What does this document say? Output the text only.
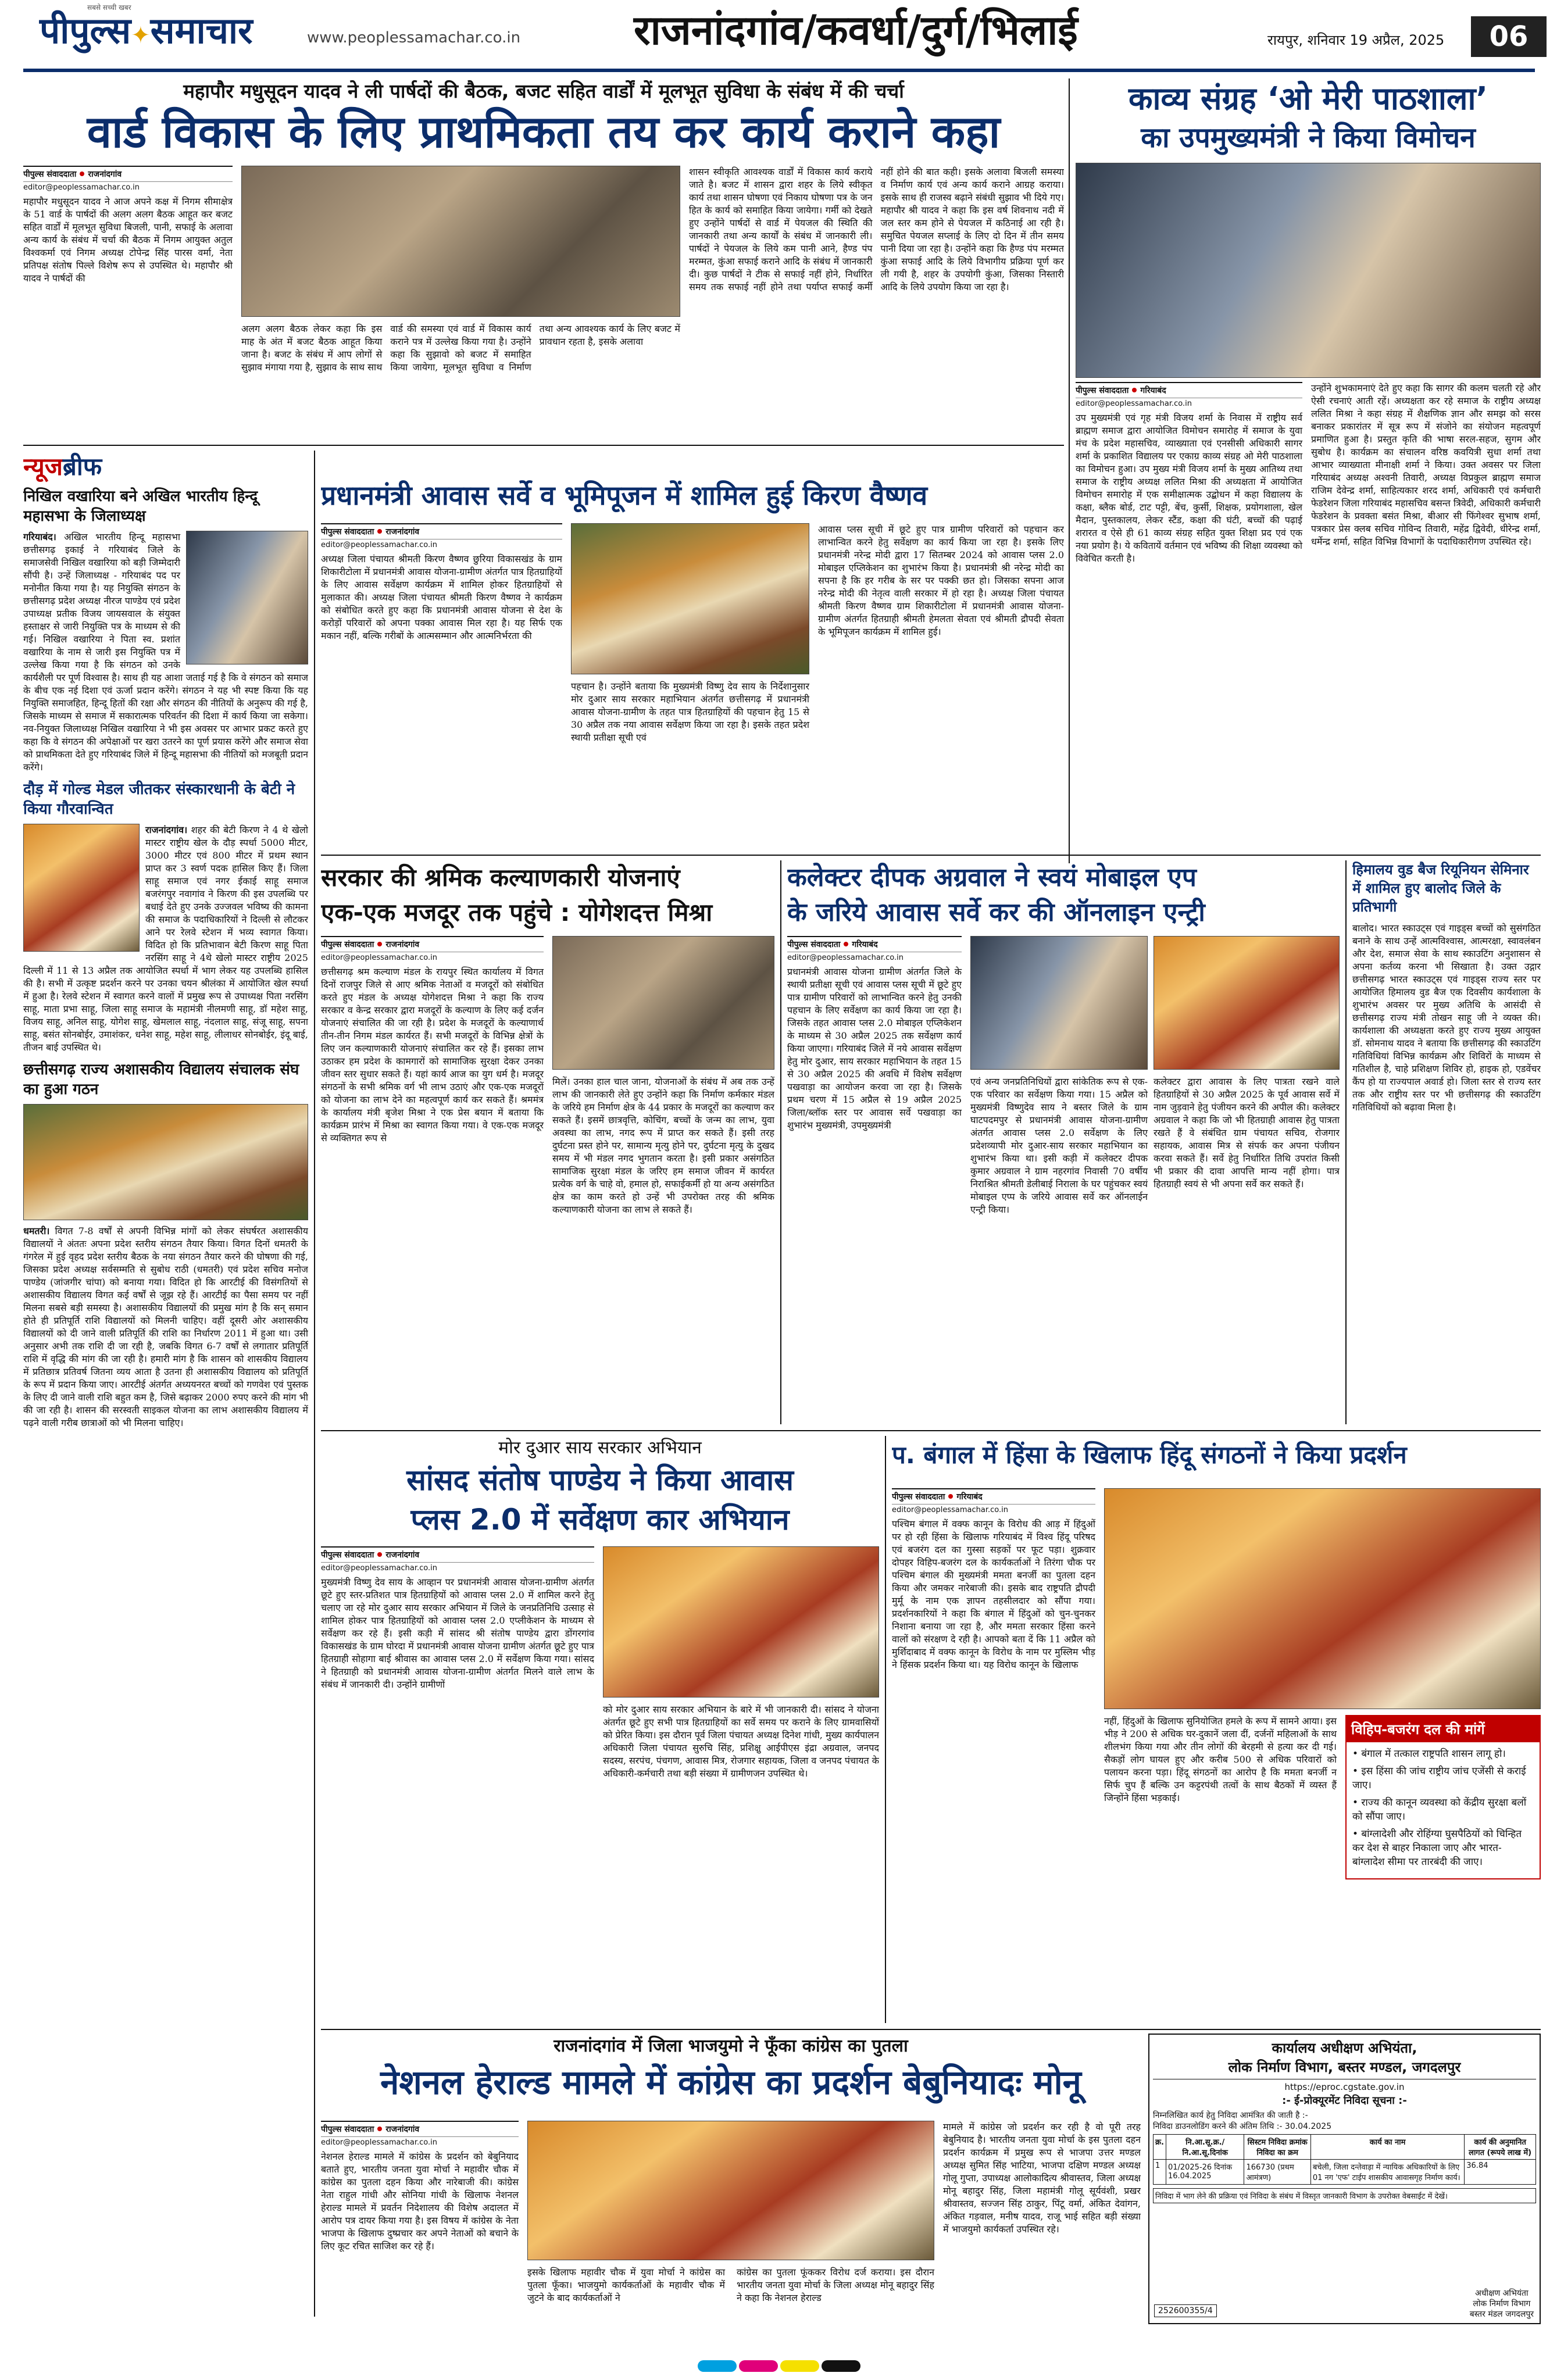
सबसे सच्ची खबर
पीपुल्स✦समाचार	www.peoplessamachar.co.in	राजनांदगांव/कवर्धा/दुर्ग/भिलाई	रायपुर, शनिवार 19 अप्रैल, 2025	06
महापौर मधुसूदन यादव ने ली पार्षदों की बैठक, बजट सहित वार्डों में मूलभूत सुविधा के संबंध में की चर्चा
वार्ड विकास के लिए प्राथमिकता तय कर कार्य कराने कहा
पीपुल्स संवाददाता राजनांदगांव
editor@peoplessamachar.co.in
महापौर मधुसूदन यादव ने आज अपने कक्ष में निगम सीमाक्षेत्र के 51 वार्ड के पार्षदों की अलग अलग बैठक आहूत कर बजट सहित वार्डों में मूलभूत सुविधा बिजली, पानी, सफाई के अलावा अन्य कार्य के संबंध में चर्चा की बैठक में निगम आयुक्त अतुल विश्वकर्मा एवं निगम अध्यक्ष टोपेन्द्र सिंह पारस वर्मा, नेता प्रतिपक्ष संतोष पिल्ले विशेष रूप से उपस्थित थे। महापौर श्री यादव ने पार्षदों की
अलग अलग बैठक लेकर कहा कि इस माह के अंत में बजट बैठक आहूत किया जाना है। बजट के संबंध में आप लोगों से सुझाव मंगाया गया है, सुझाव के साथ साथ वार्ड की समस्या एवं वार्ड में विकास कार्य कराने पत्र में उल्लेख किया गया है। उन्होंने कहा कि सुझावो को बजट में समाहित किया जायेगा, मूलभूत सुविधा व निर्माण तथा अन्य आवश्यक कार्य के लिए बजट में प्रावधान रहता है, इसके अलावा
शासन स्वीकृति आवश्यक वार्डों में विकास कार्य कराये जाते है। बजट में शासन द्वारा शहर के लिये स्वीकृत कार्य तथा शासन घोषणा एवं निकाय घोषणा पत्र के जन हित के कार्य को समाहित किया जायेगा। गर्मी को देखते हुए उन्होंने पार्षदों से वार्ड में पेयजल की स्थिति की जानकारी तथा अन्य कार्यों के संबंध में जानकारी ली। पार्षदों ने पेयजल के लिये कम पानी आने, हैण्ड पंप मरम्मत, कुंआ सफाई कराने आदि के संबंध में जानकारी दी। कुछ पार्षदों ने टीक से सफाई नहीं होने, निर्धारित समय तक सफाई नहीं होने तथा पर्याप्त सफाई कर्मी नहीं होने की बात कही। इसके अलावा बिजली समस्या व निर्माण कार्य एवं अन्य कार्य कराने आग्रह कराया। इसके साथ ही राजस्व बढ़ाने संबंधी सुझाव भी दिये गए। महापौर श्री यादव ने कहा कि इस वर्ष शिवनाथ नदी में जल स्तर कम होने से पेयजल में कठिनाई आ रही है। समुचित पेयजल सप्लाई के लिए दो दिन में तीन समय पानी दिया जा रहा है। उन्होंने कहा कि हैण्ड पंप मरम्मत कुंआ सफाई आदि के लिये विभागीय प्रक्रिया पूर्ण कर ली गयी है, शहर के उपयोगी कुंआ, जिसका निस्तारी आदि के लिये उपयोग किया जा रहा है।
काव्य संग्रह ‘ओ मेरी पाठशाला’
का उपमुख्यमंत्री ने किया विमोचन
पीपुल्स संवाददाता गरियाबंद
editor@peoplessamachar.co.in
उप मुख्यमंत्री एवं गृह मंत्री विजय शर्मा के निवास में राष्ट्रीय सर्व ब्राह्मण समाज द्वारा आयोजित विमोचन समारोह में समाज के युवा मंच के प्रदेश महासचिव, व्याख्याता एवं एनसीसी अधिकारी सागर शर्मा के प्रकाशित विद्यालय पर एकाग्र काव्य संग्रह ओ मेरी पाठशाला का विमोचन हुआ। उप मुख्य मंत्री विजय शर्मा के मुख्य आतिथ्य तथा समाज के राष्ट्रीय अध्यक्ष ललित मिश्रा की अध्यक्षता में आयोजित विमोचन समारोह में एक समीक्षात्मक उद्बोधन में कहा विद्यालय के कक्षा, ब्लैक बोर्ड, टाट पट्टी, बेंच, कुर्सी, शिक्षक, प्रयोगशाला, खेल मैदान, पुस्तकालय, लेकर स्टैंड, कक्षा की घंटी, बच्चों की पढ़ाई शरारत व ऐसे ही 61 काव्य संग्रह सहित युक्त शिक्षा प्रद एवं एक नया प्रयोग है। ये कवितायें वर्तमान एवं भविष्य की शिक्षा व्यवस्था को विवेचित करती है।
उन्होंने शुभकामनाएं देते हुए कहा कि सागर की कलम चलती रहे और ऐसी रचनाएं आती रहें। अध्यक्षता कर रहे समाज के राष्ट्रीय अध्यक्ष ललित मिश्रा ने कहा संग्रह में शैक्षणिक ज्ञान और समझ को सरस बनाकर प्रकारांतर में सूत्र रूप में संजोने का संयोजन महत्वपूर्ण प्रमाणित हुआ है। प्रस्तुत कृति की भाषा सरल-सहज, सुगम और सुबोध है। कार्यक्रम का संचालन वरिष्ठ कवयित्री सुधा शर्मा तथा आभार व्याख्याता मीनाक्षी शर्मा ने किया। उक्त अवसर पर जिला गरियाबंद अध्यक्ष अश्वनी तिवारी, अध्यक्ष विप्रकुल ब्राह्मण समाज राजिम देवेन्द्र शर्मा, साहित्यकार शरद शर्मा, अधिकारी एवं कर्मचारी फेडरेशन जिला गरियाबंद महासचिव बसन्त त्रिवेदी, अधिकारी कर्मचारी फेडरेशन के प्रवक्ता बसंत मिश्रा, बीआर सी फिंगेश्वर सुभाष शर्मा, पत्रकार प्रेस क्लब सचिव गोविन्द तिवारी, महेंद्र द्विवेदी, धीरेन्द्र शर्मा, धर्मेन्द्र शर्मा, सहित विभिन्न विभागों के पदाधिकारीगण उपस्थित रहे।
न्यूजब्रीफ
निखिल वखारिया बने अखिल भारतीय हिन्दू महासभा के जिलाध्यक्ष
गरियाबंद। अखिल भारतीय हिन्दू महासभा छत्तीसगढ़ इकाई ने गरियाबंद जिले के समाजसेवी निखिल वखारिया को बड़ी जिम्मेदारी सौंपी है। उन्हें जिलाध्यक्ष - गरियाबंद पद पर मनोनीत किया गया है। यह नियुक्ति संगठन के छत्तीसगढ़ प्रदेश अध्यक्ष नीरज पाण्डेय एवं प्रदेश उपाध्यक्ष प्रतीक विजय जायसवाल के संयुक्त हस्ताक्षर से जारी नियुक्ति पत्र के माध्यम से की गई। निखिल वखारिया ने पिता स्व. प्रशांत वखारिया के नाम से जारी इस नियुक्ति पत्र में उल्लेख किया गया है कि संगठन को उनके कार्यशैली पर पूर्ण विश्वास है। साथ ही यह आशा जताई गई है कि वे संगठन को समाज के बीच एक नई दिशा एवं ऊर्जा प्रदान करेंगे। संगठन ने यह भी स्पष्ट किया कि यह नियुक्ति समाजहित, हिन्दू हितों की रक्षा और संगठन की नीतियों के अनुरूप की गई है, जिसके माध्यम से समाज में सकारात्मक परिवर्तन की दिशा में कार्य किया जा सकेगा। नव-नियुक्त जिलाध्यक्ष निखिल वखारिया ने भी इस अवसर पर आभार प्रकट करते हुए कहा कि वे संगठन की अपेक्षाओं पर खरा उतरने का पूर्ण प्रयास करेंगे और समाज सेवा को प्राथमिकता देते हुए गरियाबंद जिले में हिन्दू महासभा की नीतियों को मजबूती प्रदान करेंगे।
दौड़ में गोल्ड मेडल जीतकर संस्कारधानी के बेटी ने किया गौरवान्वित
राजनांदगांव। शहर की बेटी किरण ने 4 थे खेलो मास्टर राष्ट्रीय खेल के दौड़ स्पर्धा 5000 मीटर, 3000 मीटर एवं 800 मीटर में प्रथम स्थान प्राप्त कर 3 स्वर्ण पदक हासिल किए हैं। जिला साहू समाज एवं नगर ईकाई साहू समाज बजरंगपुर नवागांव ने किरण की इस उपलब्धि पर बधाई देते हुए उनके उज्जवल भविष्य की कामना की समाज के पदाधिकारियों ने दिल्ली से लौटकर आने पर रेलवे स्टेशन में भव्य स्वागत किया। विदित हो कि प्रतिभावान बेटी किरण साहू पिता नरसिंग साहू ने 4थे खेलो मास्टर राष्ट्रीय 2025 दिल्ली में 11 से 13 अप्रैल तक आयोजित स्पर्धा में भाग लेकर यह उपलब्धि हासिल की है। सभी में उत्कृष्ट प्रदर्शन करने पर उनका चयन श्रीलंका में आयोजित खेल स्पर्धा में हुआ है। रेलवे स्टेशन में स्वागत करने वालों में प्रमुख रूप से उपाध्यक्ष पिता नरसिंग साहू, माता प्रभा साहू, जिला साहू समाज के महामंत्री नीलमणी साहू, डॉ महेश साहू, विजय साहू, अनिल साहू, योगेश साहू, खेमलाल साहू, नंदलाल साहू, संजू साहू, सपना साहू, बसंत सोनबोईर, उमाशंकर, धनेश साहू, महेश साहू, लीलाधर सोनबोईर, इंदू बाई, तीजन बाई उपस्थित थे।
छत्तीसगढ़ राज्य अशासकीय विद्यालय संचालक संघ का हुआ गठन
धमतरी। विगत 7-8 वर्षों से अपनी विभिन्न मांगों को लेकर संघर्षरत अशासकीय विद्यालयों ने अंततः अपना प्रदेश स्तरीय संगठन तैयार किया। विगत दिनों धमतरी के गंगरेल में हुई वृहद प्रदेश स्तरीय बैठक के नया संगठन तैयार करने की घोषणा की गई, जिसका प्रदेश अध्यक्ष सर्वसम्मति से सुबोध राठी (धमतरी) एवं प्रदेश सचिव मनोज पाण्डेय (जांजगीर चांपा) को बनाया गया। विदित हो कि आरटीई की विसंगतियों से अशासकीय विद्यालय विगत कई वर्षों से जूझ रहे हैं। आरटीई का पैसा समय पर नहीं मिलना सबसे बड़ी समस्या है। अशासकीय विद्यालयों की प्रमुख मांग है कि सन् समान होते ही प्रतिपूर्ति राशि विद्यालयों को मिलनी चाहिए। वहीं दूसरी ओर अशासकीय विद्यालयों को दी जाने वाली प्रतिपूर्ति की राशि का निर्धारण 2011 में हुआ था। उसी अनुसार अभी तक राशि दी जा रही है, जबकि विगत 6-7 वर्षों से लगातार प्रतिपूर्ति राशि में वृद्धि की मांग की जा रही है। हमारी मांग है कि शासन को शासकीय विद्यालय में प्रतिछात्र प्रतिवर्ष जितना व्यय आता है उतना ही अशासकीय विद्यालय को प्रतिपूर्ति के रूप में प्रदान किया जाए। आरटीई अंतर्गत अध्ययनरत बच्चों को गणवेश एवं पुस्तक के लिए दी जाने वाली राशि बहुत कम है, जिसे बढ़ाकर 2000 रुपए करने की मांग भी की जा रही है। शासन की सरस्वती साइकल योजना का लाभ अशासकीय विद्यालय में पढ़ने वाली गरीब छात्राओं को भी मिलना चाहिए।
प्रधानमंत्री आवास सर्वे व भूमिपूजन में शामिल हुई किरण वैष्णव
पीपुल्स संवाददाता राजनांदगांव
editor@peoplessamachar.co.in
अध्यक्ष जिला पंचायत श्रीमती किरण वैष्णव छुरिया विकासखंड के ग्राम शिकारीटोला में प्रधानमंत्री आवास योजना-ग्रामीण अंतर्गत पात्र हितग्राहियों के लिए आवास सर्वेक्षण कार्यक्रम में शामिल होकर हितग्राहियों से मुलाकात की। अध्यक्ष जिला पंचायत श्रीमती किरण वैष्णव ने कार्यक्रम को संबोधित करते हुए कहा कि प्रधानमंत्री आवास योजना से देश के करोड़ों परिवारों को अपना पक्का आवास मिल रहा है। यह सिर्फ एक मकान नहीं, बल्कि गरीबों के आत्मसम्मान और आत्मनिर्भरता की
पहचान है। उन्होंने बताया कि मुख्यमंत्री विष्णु देव साय के निर्देशानुसार मोर दुआर साय सरकार महाभियान अंतर्गत छत्तीसगढ़ में प्रधानमंत्री आवास योजना-ग्रामीण के तहत पात्र हितग्राहियों की पहचान हेतु 15 से 30 अप्रैल तक नया आवास सर्वेक्षण किया जा रहा है। इसके तहत प्रदेश स्थायी प्रतीक्षा सूची एवं
आवास प्लस सूची में छूटे हुए पात्र ग्रामीण परिवारों को पहचान कर लाभान्वित करने हेतु सर्वेक्षण का कार्य किया जा रहा है। इसके लिए प्रधानमंत्री नरेन्द्र मोदी द्वारा 17 सितम्बर 2024 को आवास प्लस 2.0 मोबाइल एप्लिकेशन का शुभारंभ किया है। प्रधानमंत्री श्री नरेन्द्र मोदी का सपना है कि हर गरीब के सर पर पक्की छत हो। जिसका सपना आज नरेन्द्र मोदी की नेतृत्व वाली सरकार में हो रहा है। अध्यक्ष जिला पंचायत श्रीमती किरण वैष्णव ग्राम शिकारीटोला में प्रधानमंत्री आवास योजना-ग्रामीण अंतर्गत हितग्राही श्रीमती हेमलता सेवता एवं श्रीमती द्रौपदी सेवता के भूमिपूजन कार्यक्रम में शामिल हुई।
सरकार की श्रमिक कल्याणकारी योजनाएं
एक-एक मजदूर तक पहुंचे : योगेशदत्त मिश्रा
पीपुल्स संवाददाता राजनांदगांव
editor@peoplessamachar.co.in
छत्तीसगढ़ श्रम कल्याण मंडल के रायपुर स्थित कार्यालय में विगत दिनों राजपुर जिले से आए श्रमिक नेताओं व मजदूरों को संबोधित करते हुए मंडल के अध्यक्ष योगेशदत्त मिश्रा ने कहा कि राज्य सरकार व केन्द्र सरकार द्वारा मजदूरों के कल्याण के लिए कई दर्जन योजनाएं संचालित की जा रही है। प्रदेश के मजदूरों के कल्याणार्थ तीन-तीन निगम मंडल कार्यरत हैं। सभी मजदूरों के विभिन्न क्षेत्रों के लिए जन कल्याणकारी योजनाएं संचालित कर रहे हैं। इसका लाभ उठाकर हम प्रदेश के कामगारों को सामाजिक सुरक्षा देकर उनका जीवन स्तर सुधार सकते हैं। यहां कार्य आज का युग धर्म है। मजदूर संगठनों के सभी श्रमिक वर्ग भी लाभ उठाएं और एक-एक मजदूरों को योजना का लाभ देने का महत्वपूर्ण कार्य कर सकते हैं। श्रममंत्र के कार्यालय मंत्री बृजेश मिश्रा ने एक प्रेस बयान में बताया कि कार्यक्रम प्रारंभ में मिश्रा का स्वागत किया गया। वे एक-एक मजदूर से व्यक्तिगत रूप से
मिलें। उनका हाल चाल जाना, योजनाओं के संबंध में अब तक उन्हें लाभ की जानकारी लेते हुए उन्होंने कहा कि निर्माण कर्मकार मंडल के जरिये हम निर्माण क्षेत्र के 44 प्रकार के मजदूरों का कल्याण कर सकते हैं। इसमें छात्रवृत्ति, कोचिंग, बच्चों के जन्म का लाभ, युवा अवस्था का लाभ, नगद रूप में प्राप्त कर सकते हैं। इसी तरह दुर्घटना प्रस्त होने पर, सामान्य मृत्यु होने पर, दुर्घटना मृत्यु के दुखद समय में भी मंडल नगद भुगतान करता है। इसी प्रकार असंगठित सामाजिक सुरक्षा मंडल के जरिए हम समाज जीवन में कार्यरत प्रत्येक वर्ग के चाहे वो, हमाल हो, सफाईकर्मी हो या अन्य असंगठित क्षेत्र का काम करते हो उन्हें भी उपरोक्त तरह की श्रमिक कल्याणकारी योजना का लाभ ले सकते हैं।
कलेक्टर दीपक अग्रवाल ने स्वयं मोबाइल एप
के जरिये आवास सर्वे कर की ऑनलाइन एन्ट्री
पीपुल्स संवाददाता गरियाबंद
editor@peoplessamachar.co.in
प्रधानमंत्री आवास योजना ग्रामीण अंतर्गत जिले के स्थायी प्रतीक्षा सूची एवं आवास प्लस सूची में छूटे हुए पात्र ग्रामीण परिवारों को लाभान्वित करने हेतु उनकी पहचान के लिए सर्वेक्षण का कार्य किया जा रहा है। जिसके तहत आवास प्लस 2.0 मोबाइल एप्लिकेशन के माध्यम से 30 अप्रैल 2025 तक सर्वेक्षण कार्य किया जाएगा। गरियाबंद जिले में नये आवास सर्वेक्षण हेतु मोर दुआर, साय सरकार महाभियान के तहत 15 से 30 अप्रैल 2025 की अवधि में विशेष सर्वेक्षण पखवाड़ा का आयोजन करवा जा रहा है। जिसके प्रथम चरण में 15 अप्रैल से 19 अप्रैल 2025 जिला/ब्लॉक स्तर पर आवास सर्वे पखवाड़ा का शुभारंभ मुख्यमंत्री, उपमुख्यमंत्री
एवं अन्य जनप्रतिनिधियों द्वारा सांकेतिक रूप से एक-एक परिवार का सर्वेक्षण किया गया। 15 अप्रैल को मुख्यमंत्री विष्णुदेव साय ने बस्तर जिले के ग्राम घाटपदमपुर से प्रधानमंत्री आवास योजना-ग्रामीण अंतर्गत आवास प्लस 2.0 सर्वेक्षण के लिए प्रदेशव्यापी मोर दुआर-साय सरकार महाभियान का शुभारंभ किया था। इसी कड़ी में कलेक्टर दीपक कुमार अग्रवाल ने ग्राम नहरगांव निवासी 70 वर्षीय निराश्रित श्रीमती डेलीबाई निराला के घर पहुंचकर स्वयं मोबाइल एप्प के जरिये आवास सर्वे कर ऑनलाईन एन्ट्री किया।
कलेक्टर द्वारा आवास के लिए पात्रता रखने वाले हितग्राहियों से 30 अप्रैल 2025 के पूर्व आवास सर्वे में नाम जुड़वाने हेतु पंजीयन करने की अपील की। कलेक्टर अग्रवाल ने कहा कि जो भी हितग्राही आवास हेतु पात्रता रखते हैं वे संबंधित ग्राम पंचायत सचिव, रोजगार सहायक, आवास मित्र से संपर्क कर अपना पंजीयन करवा सकते हैं। सर्वे हेतु निर्धारित तिथि उपरांत किसी भी प्रकार की दावा आपत्ति मान्य नहीं होगा। पात्र हितग्राही स्वयं से भी अपना सर्वे कर सकते हैं।
हिमालय वुड बैज रियूनियन सेमिनार में शामिल हुए बालोद जिले के प्रतिभागी
बालोद। भारत स्काउट्स एवं गाइड्स बच्चों को सुसंगठित बनाने के साथ उन्हें आत्मविश्वास, आत्मरक्षा, स्वावलंबन और देश, समाज सेवा के साथ स्काउटिंग अनुशासन से अपना कर्तव्य करना भी सिखाता है। उक्त उद्गार छत्तीसगढ़ भारत स्काउट्स एवं गाइड्स राज्य स्तर पर आयोजित हिमालय वुड बैज एक दिवसीय कार्यशाला के शुभारंभ अवसर पर मुख्य अतिथि के आसंदी से छत्तीसगढ़ राज्य मंत्री तोखन साहू जी ने व्यक्त की। कार्यशाला की अध्यक्षता करते हुए राज्य मुख्य आयुक्त डॉ. सोमनाथ यादव ने बताया कि छत्तीसगढ़ की स्काउटिंग गतिविधियां विभिन्न कार्यक्रम और शिविरों के माध्यम से गतिशील है, चाहे प्रशिक्षण शिविर हो, हाइक हो, एडवेंचर कैंप हो या राज्यपाल अवार्ड हो। जिला स्तर से राज्य स्तर तक और राष्ट्रीय स्तर पर भी छत्तीसगढ़ की स्काउटिंग गतिविधियों को बढ़ावा मिला है।
मोर दुआर साय सरकार अभियान
सांसद संतोष पाण्डेय ने किया आवास
प्लस 2.0 में सर्वेक्षण कार अभियान
पीपुल्स संवाददाता राजनांदगांव
editor@peoplessamachar.co.in
मुख्यमंत्री विष्णु देव साय के आव्हान पर प्रधानमंत्री आवास योजना-ग्रामीण अंतर्गत छूटे हुए स्तर-प्रतिशत पात्र हितग्राहियों को आवास प्लस 2.0 में शामिल करने हेतु चलाए जा रहे मोर दुआर साय सरकार अभियान में जिले के जनप्रतिनिधि उत्साह से शामिल होकर पात्र हितग्राहियों को आवास प्लस 2.0 एप्लीकेशन के माध्यम से सर्वेक्षण कर रहे हैं। इसी कड़ी में सांसद श्री संतोष पाण्डेय द्वारा डोंगरगांव विकासखंड के ग्राम घोरदा में प्रधानमंत्री आवास योजना ग्रामीण अंतर्गत छूटे हुए पात्र हितग्राही सोहागा बाई श्रीवास का आवास प्लस 2.0 में सर्वेक्षण किया गया। सांसद ने हितग्राही को प्रधानमंत्री आवास योजना-ग्रामीण अंतर्गत मिलने वाले लाभ के संबंध में जानकारी दी। उन्होंने ग्रामीणों
को मोर दुआर साय सरकार अभियान के बारे में भी जानकारी दी। सांसद ने योजना अंतर्गत छूटे हुए सभी पात्र हितग्राहियों का सर्वे समय पर कराने के लिए ग्रामवासियों को प्रेरित किया। इस दौरान पूर्व जिला पंचायत अध्यक्ष दिनेश गांधी, मुख्य कार्यपालन अधिकारी जिला पंचायत सुरुचि सिंह, प्रशिक्षु आईपीएस इंद्रा अग्रवाल, जनपद सदस्य, सरपंच, पंचगण, आवास मित्र, रोजगार सहायक, जिला व जनपद पंचायत के अधिकारी-कर्मचारी तथा बड़ी संख्या में ग्रामीणजन उपस्थित थे।
प. बंगाल में हिंसा के खिलाफ हिंदू संगठनों ने किया प्रदर्शन
पीपुल्स संवाददाता गरियाबंद
editor@peoplessamachar.co.in
पश्चिम बंगाल में वक्फ कानून के विरोध की आड़ में हिंदुओं पर हो रही हिंसा के खिलाफ गरियाबंद में विश्व हिंदू परिषद एवं बजरंग दल का गुस्सा सड़कों पर फूट पड़ा। शुक्रवार दोपहर विहिप-बजरंग दल के कार्यकर्ताओं ने तिरंगा चौक पर पश्चिम बंगाल की मुख्यमंत्री ममता बनर्जी का पुतला दहन किया और जमकर नारेबाजी की। इसके बाद राष्ट्रपति द्रौपदी मुर्मू के नाम एक ज्ञापन तहसीलदार को सौंपा गया। प्रदर्शनकारियों ने कहा कि बंगाल में हिंदुओं को चुन-चुनकर निशाना बनाया जा रहा है, और ममता सरकार हिंसा करने वालों को संरक्षण दे रही है। आपको बता दें कि 11 अप्रैल को मुर्शिदाबाद में वक्फ कानून के विरोध के नाम पर मुस्लिम भीड़ ने हिंसक प्रदर्शन किया था। यह विरोध कानून के खिलाफ
नहीं, हिंदुओं के खिलाफ सुनियोजित हमले के रूप में सामने आया। इस भीड़ ने 200 से अधिक घर-दुकानें जला दीं, दर्जनों महिलाओं के साथ शीलभंग किया गया और तीन लोगों की बेरहमी से हत्या कर दी गई। सैकड़ों लोग घायल हुए और करीब 500 से अधिक परिवारों को पलायन करना पड़ा। हिंदू संगठनों का आरोप है कि ममता बनर्जी न सिर्फ चुप हैं बल्कि उन कट्टरपंथी तत्वों के साथ बैठकों में व्यस्त हैं जिन्होंने हिंसा भड़काई।
विहिप-बजरंग दल की मांगें
• बंगाल में तत्काल राष्ट्रपति शासन लागू हो।
• इस हिंसा की जांच राष्ट्रीय जांच एजेंसी से कराई जाए।
• राज्य की कानून व्यवस्था को केंद्रीय सुरक्षा बलों को सौंपा जाए।
• बांग्लादेशी और रोहिंग्या घुसपैठियों को चिन्हित कर देश से बाहर निकाला जाए और भारत-बांग्लादेश सीमा पर तारबंदी की जाए।
राजनांदगांव में जिला भाजयुमो ने फूँका कांग्रेस का पुतला
नेशनल हेराल्ड मामले में कांग्रेस का प्रदर्शन बेबुनियादः मोनू
पीपुल्स संवाददाता राजनांदगांव
editor@peoplessamachar.co.in
नेशनल हेराल्ड मामले में कांग्रेस के प्रदर्शन को बेबुनियाद बताते हुए, भारतीय जनता युवा मोर्चा ने महावीर चौक में कांग्रेस का पुतला दहन किया और नारेबाजी की। कांग्रेस नेता राहुल गांधी और सोनिया गांधी के खिलाफ नेशनल हेराल्ड मामले में प्रवर्तन निदेशालय की विशेष अदालत में आरोप पत्र दायर किया गया है। इस विषय में कांग्रेस के नेता भाजपा के खिलाफ दुष्प्रचार कर अपने नेताओं को बचाने के लिए कूट रचित साजिश कर रहे हैं।
इसके खिलाफ महावीर चौक में युवा मोर्चा ने कांग्रेस का पुतला फूँका। भाजयुमो कार्यकर्ताओं के महावीर चौक में जुटने के बाद कार्यकर्ताओं ने
कांग्रेस का पुतला फूंककर विरोध दर्ज कराया। इस दौरान भारतीय जनता युवा मोर्चा के जिला अध्यक्ष मोनू बहादुर सिंह ने कहा कि नेशनल हेराल्ड
मामले में कांग्रेस जो प्रदर्शन कर रही है वो पूरी तरह बेबुनियाद है। भारतीय जनता युवा मोर्चा के इस पुतला दहन प्रदर्शन कार्यक्रम में प्रमुख रूप से भाजपा उत्तर मण्डल अध्यक्ष सुमित सिंह भाटिया, भाजपा दक्षिण मण्डल अध्यक्ष गोलू गुप्ता, उपाध्यक्ष आलोकादित्य श्रीवास्तव, जिला अध्यक्ष मोनू बहादुर सिंह, जिला महामंत्री गोलू सूर्यवंशी, प्रखर श्रीवास्तव, सज्जन सिंह ठाकुर, पिंटू वर्मा, अंकित देवांगन, अंकित गड़वाल, मनीष यादव, राजू भाई सहित बड़ी संख्या में भाजयुमो कार्यकर्ता उपस्थित रहे।
कार्यालय अधीक्षण अभियंता,
लोक निर्माण विभाग, बस्तर मण्डल, जगदलपुर
https://eproc.cgstate.gov.in
:- ई-प्रोक्यूरमेंट निविदा सूचना :-
निम्नलिखित कार्य हेतु निविदा आमंत्रित की जाती है :-
निविदा डाउनलोडिंग करने की अंतिम तिथि :- 30.04.2025
क्र.	नि.आ.सू.क्र./नि.आ.सू.दिनांक	सिस्टम निविदा क्रमांक निविदा का क्रम	कार्य का नाम	कार्य की अनुमानित लागत (रूपये लाख में)
1	01/2025-26 दिनांक 16.04.2025	166730 (प्रथम आमंत्रण)	बचेली, जिला दन्तेवाड़ा में न्यायिक अधिकारियों के लिए 01 नग 'एफ' टाईप शासकीय आवासगृह निर्माण कार्य।	36.84
निविदा में भाग लेने की प्रक्रिया एवं निविदा के संबंध में विस्तृत जानकारी विभाग के उपरोक्त वेबसाईट में देखें।
252600355/4
अधीक्षण अभियंता
लोक निर्माण विभाग
बस्तर मंडल जगदलपुर
